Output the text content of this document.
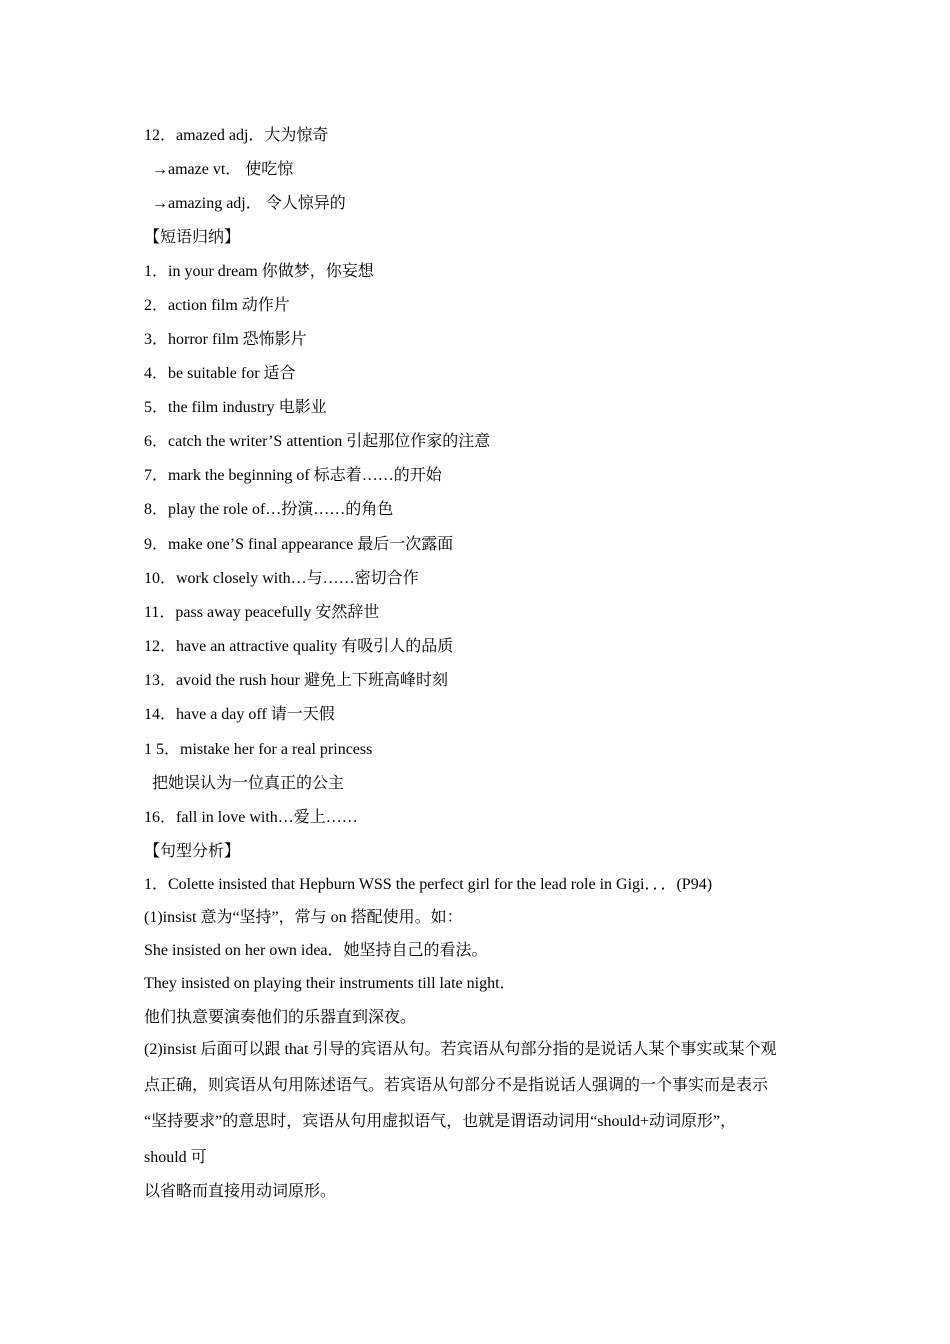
12．amazed adj．大为惊奇
→amaze vt． 使吃惊
→amazing adj． 令人惊异的
【短语归纳】
1．in your dream 你做梦，你妄想
2．action film 动作片
3．horror film 恐怖影片
4．be suitable for 适合
5．the film industry 电影业
6．catch the writer’S attention 引起那位作家的注意
7．mark the beginning of 标志着……的开始
8．play the role of…扮演……的角色
9．make one’S final appearance 最后一次露面
10．work closely with…与……密切合作
11．pass away peacefully 安然辞世
12．have an attractive quality 有吸引人的品质
13．avoid the rush hour 避免上下班高峰时刻
14．have a day off 请一天假
1 5．mistake her for a real princess
把她误认为一位真正的公主
16．fall in love with…爱上……
【句型分析】
1．Colette insisted that Hepburn WSS the perfect girl for the lead role in Gigi．．．(P94)
(1)insist 意为“坚持”，常与 on 搭配使用。如：
She insisted on her own idea．她坚持自己的看法。
They insisted on playing their instruments till late night．
他们执意要演奏他们的乐器直到深夜。
(2)insist 后面可以跟 that 引导的宾语从句。若宾语从句部分指的是说话人某个事实或某个观
点正确，则宾语从句用陈述语气。若宾语从句部分不是指说话人强调的一个事实而是表示
“坚持要求”的意思时，宾语从句用虚拟语气，也就是谓语动词用“should+动词原形”，
should 可
以省略而直接用动词原形。
